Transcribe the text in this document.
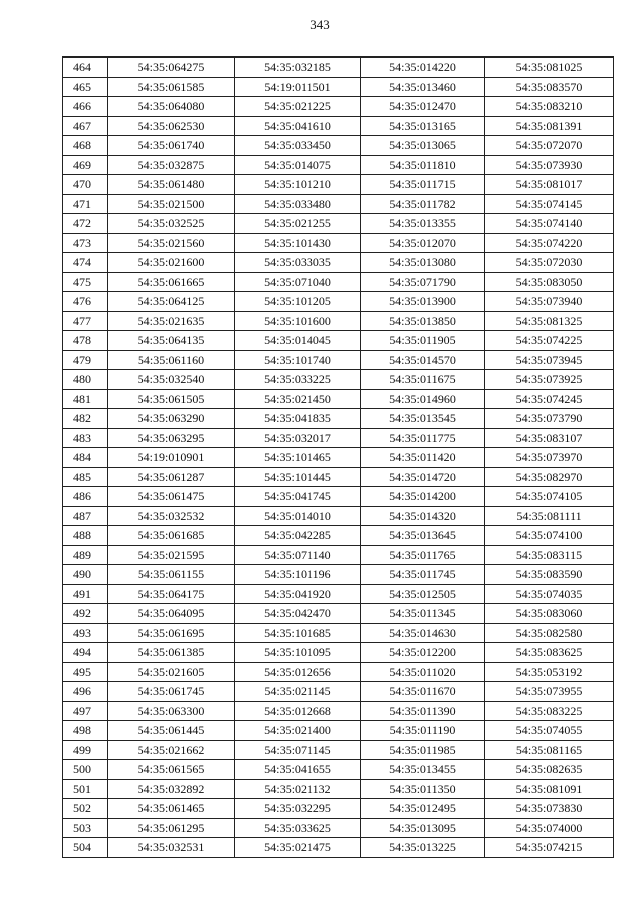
343
464	54:35:064275	54:35:032185	54:35:014220	54:35:081025
465	54:35:061585	54:19:011501	54:35:013460	54:35:083570
466	54:35:064080	54:35:021225	54:35:012470	54:35:083210
467	54:35:062530	54:35:041610	54:35:013165	54:35:081391
468	54:35:061740	54:35:033450	54:35:013065	54:35:072070
469	54:35:032875	54:35:014075	54:35:011810	54:35:073930
470	54:35:061480	54:35:101210	54:35:011715	54:35:081017
471	54:35:021500	54:35:033480	54:35:011782	54:35:074145
472	54:35:032525	54:35:021255	54:35:013355	54:35:074140
473	54:35:021560	54:35:101430	54:35:012070	54:35:074220
474	54:35:021600	54:35:033035	54:35:013080	54:35:072030
475	54:35:061665	54:35:071040	54:35:071790	54:35:083050
476	54:35:064125	54:35:101205	54:35:013900	54:35:073940
477	54:35:021635	54:35:101600	54:35:013850	54:35:081325
478	54:35:064135	54:35:014045	54:35:011905	54:35:074225
479	54:35:061160	54:35:101740	54:35:014570	54:35:073945
480	54:35:032540	54:35:033225	54:35:011675	54:35:073925
481	54:35:061505	54:35:021450	54:35:014960	54:35:074245
482	54:35:063290	54:35:041835	54:35:013545	54:35:073790
483	54:35:063295	54:35:032017	54:35:011775	54:35:083107
484	54:19:010901	54:35:101465	54:35:011420	54:35:073970
485	54:35:061287	54:35:101445	54:35:014720	54:35:082970
486	54:35:061475	54:35:041745	54:35:014200	54:35:074105
487	54:35:032532	54:35:014010	54:35:014320	54:35:081111
488	54:35:061685	54:35:042285	54:35:013645	54:35:074100
489	54:35:021595	54:35:071140	54:35:011765	54:35:083115
490	54:35:061155	54:35:101196	54:35:011745	54:35:083590
491	54:35:064175	54:35:041920	54:35:012505	54:35:074035
492	54:35:064095	54:35:042470	54:35:011345	54:35:083060
493	54:35:061695	54:35:101685	54:35:014630	54:35:082580
494	54:35:061385	54:35:101095	54:35:012200	54:35:083625
495	54:35:021605	54:35:012656	54:35:011020	54:35:053192
496	54:35:061745	54:35:021145	54:35:011670	54:35:073955
497	54:35:063300	54:35:012668	54:35:011390	54:35:083225
498	54:35:061445	54:35:021400	54:35:011190	54:35:074055
499	54:35:021662	54:35:071145	54:35:011985	54:35:081165
500	54:35:061565	54:35:041655	54:35:013455	54:35:082635
501	54:35:032892	54:35:021132	54:35:011350	54:35:081091
502	54:35:061465	54:35:032295	54:35:012495	54:35:073830
503	54:35:061295	54:35:033625	54:35:013095	54:35:074000
504	54:35:032531	54:35:021475	54:35:013225	54:35:074215
